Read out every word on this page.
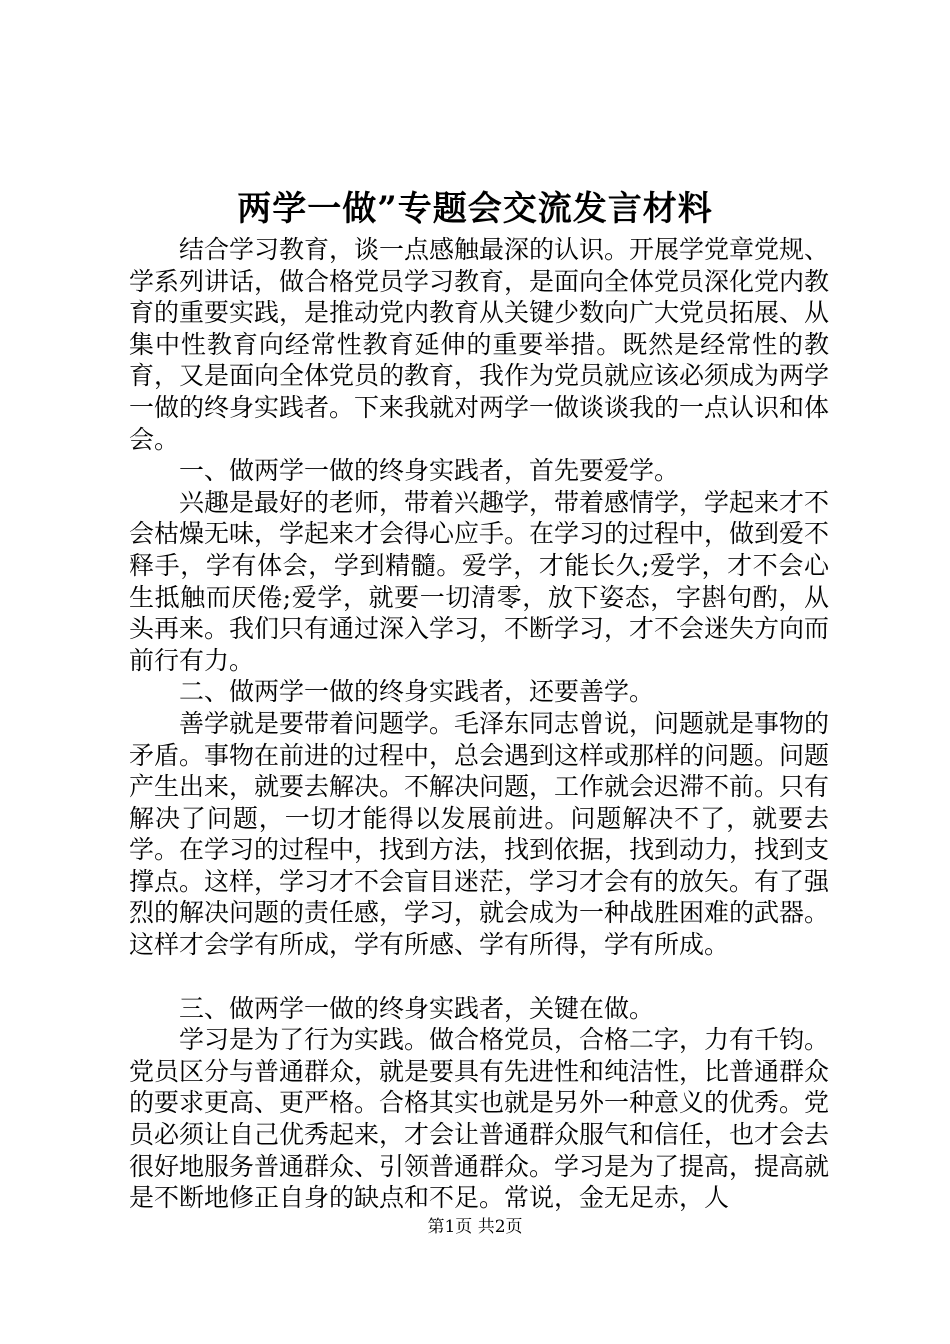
两学一做”专题会交流发言材料

结合学习教育，谈一点感触最深的认识。开展学党章党规、学系列讲话，做合格党员学习教育，是面向全体党员深化党内教育的重要实践，是推动党内教育从关键少数向广大党员拓展、从集中性教育向经常性教育延伸的重要举措。既然是经常性的教育，又是面向全体党员的教育，我作为党员就应该必须成为两学一做的终身实践者。下来我就对两学一做谈谈我的一点认识和体会。

一、做两学一做的终身实践者，首先要爱学。

兴趣是最好的老师，带着兴趣学，带着感情学，学起来才不会枯燥无味，学起来才会得心应手。在学习的过程中，做到爱不释手，学有体会，学到精髓。爱学，才能长久;爱学，才不会心生抵触而厌倦;爱学，就要一切清零，放下姿态，字斟句酌，从头再来。我们只有通过深入学习，不断学习，才不会迷失方向而前行有力。

二、做两学一做的终身实践者，还要善学。

善学就是要带着问题学。毛泽东同志曾说，问题就是事物的矛盾。事物在前进的过程中，总会遇到这样或那样的问题。问题产生出来，就要去解决。不解决问题，工作就会迟滞不前。只有解决了问题，一切才能得以发展前进。问题解决不了，就要去学。在学习的过程中，找到方法，找到依据，找到动力，找到支撑点。这样，学习才不会盲目迷茫，学习才会有的放矢。有了强烈的解决问题的责任感，学习，就会成为一种战胜困难的武器。这样才会学有所成，学有所感、学有所得，学有所成。

三、做两学一做的终身实践者，关键在做。

学习是为了行为实践。做合格党员，合格二字，力有千钧。党员区分与普通群众，就是要具有先进性和纯洁性，比普通群众的要求更高、更严格。合格其实也就是另外一种意义的优秀。党员必须让自己优秀起来，才会让普通群众服气和信任，也才会去很好地服务普通群众、引领普通群众。学习是为了提高，提高就是不断地修正自身的缺点和不足。常说，金无足赤，人

第1页 共2页
